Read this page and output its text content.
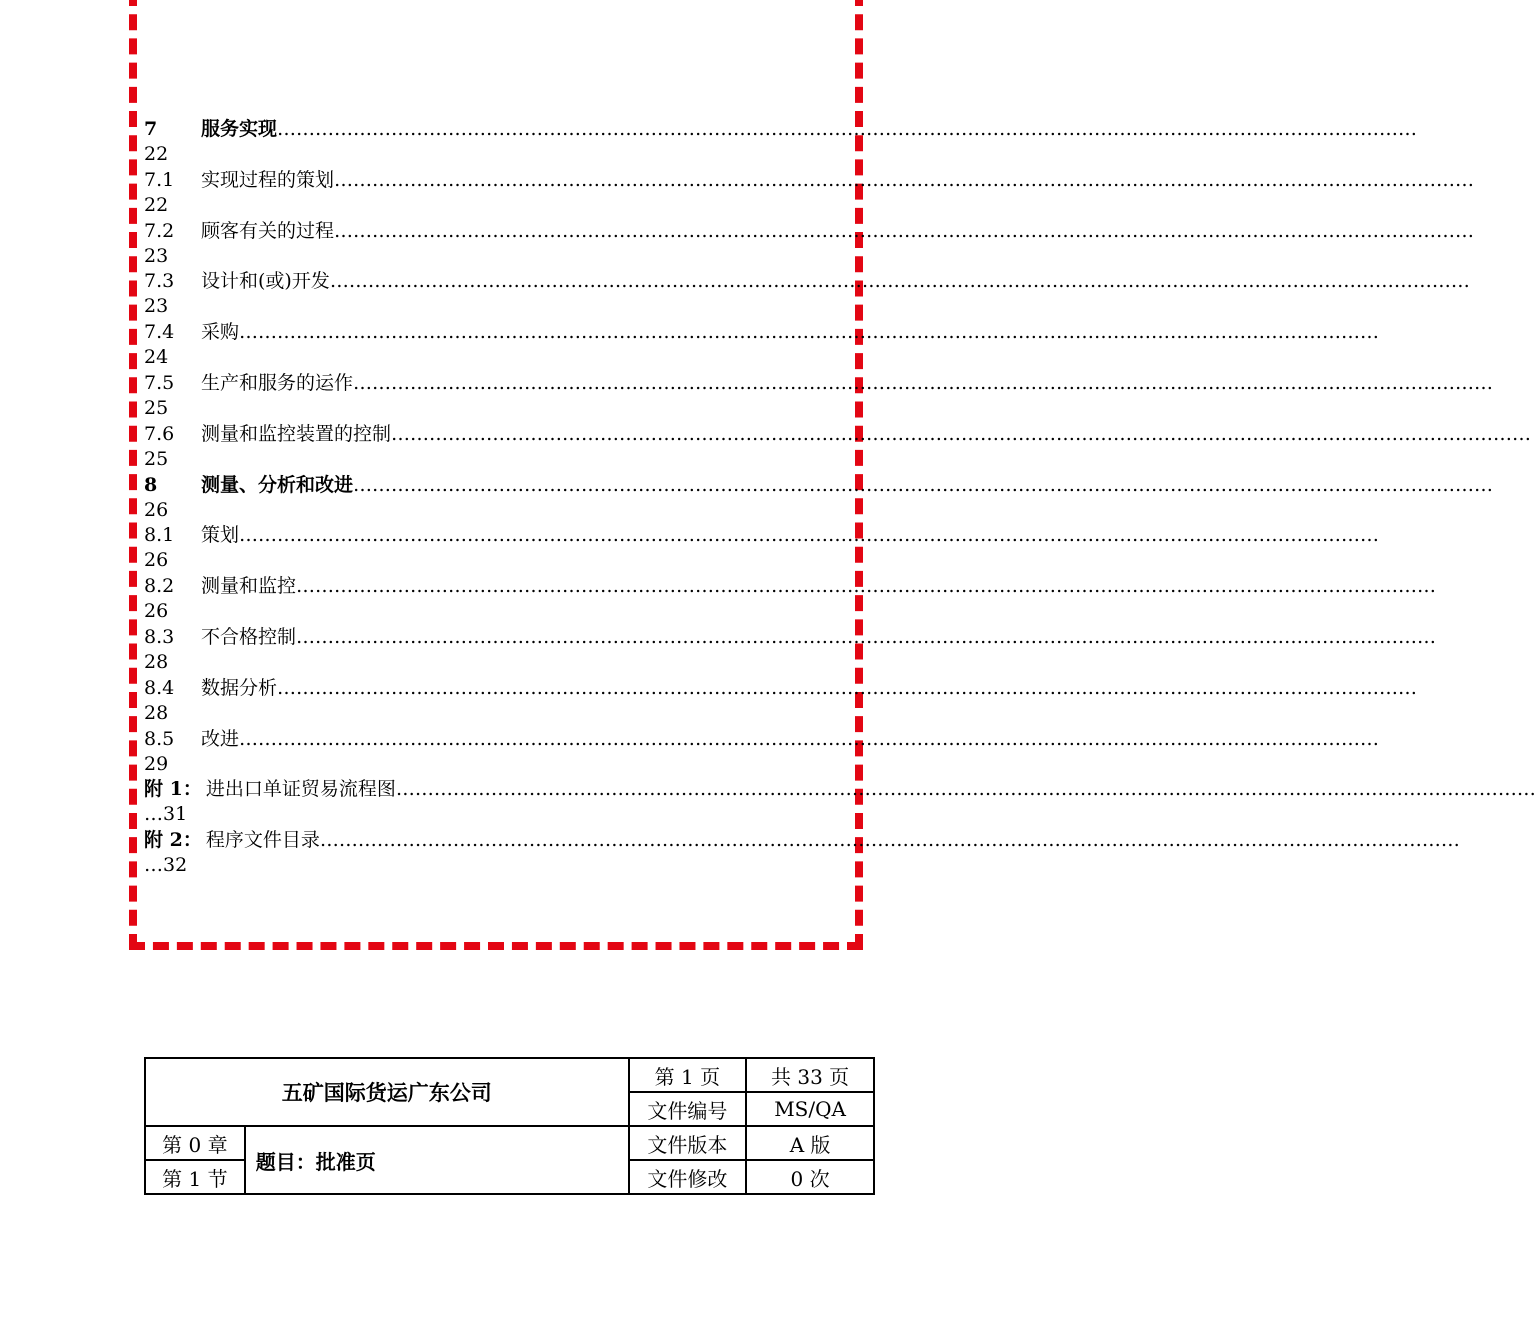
7	服务实现 ………………………………………………………………………………………………………………………………………………………………
22
7.1	实现过程的策划 ………………………………………………………………………………………………………………………………………………………………
22
7.2	顾客有关的过程 ………………………………………………………………………………………………………………………………………………………………
23
7.3	设计和(或)开发 ………………………………………………………………………………………………………………………………………………………………
23
7.4	采购 ………………………………………………………………………………………………………………………………………………………………
24
7.5	生产和服务的运作 ………………………………………………………………………………………………………………………………………………………………
25
7.6	测量和监控装置的控制 ………………………………………………………………………………………………………………………………………………………………
25
8	测量、分析和改进 ………………………………………………………………………………………………………………………………………………………………
26
8.1	策划 ………………………………………………………………………………………………………………………………………………………………
26
8.2	测量和监控 ………………………………………………………………………………………………………………………………………………………………
26
8.3	不合格控制 ………………………………………………………………………………………………………………………………………………………………
28
8.4	数据分析 ………………………………………………………………………………………………………………………………………………………………
28
8.5	改进 ………………………………………………………………………………………………………………………………………………………………
29
附 1： 进出口单证贸易流程图 ………………………………………………………………………………………………………………………………………………………………
…31
附 2： 程序文件目录 ………………………………………………………………………………………………………………………………………………………………
…32
五矿国际货运广东公司		第 1 页	共 33 页
		文件编号	MS/QA
第 0 章	题目：批准页	文件版本	A 版
第 1 节		文件修改	0 次
